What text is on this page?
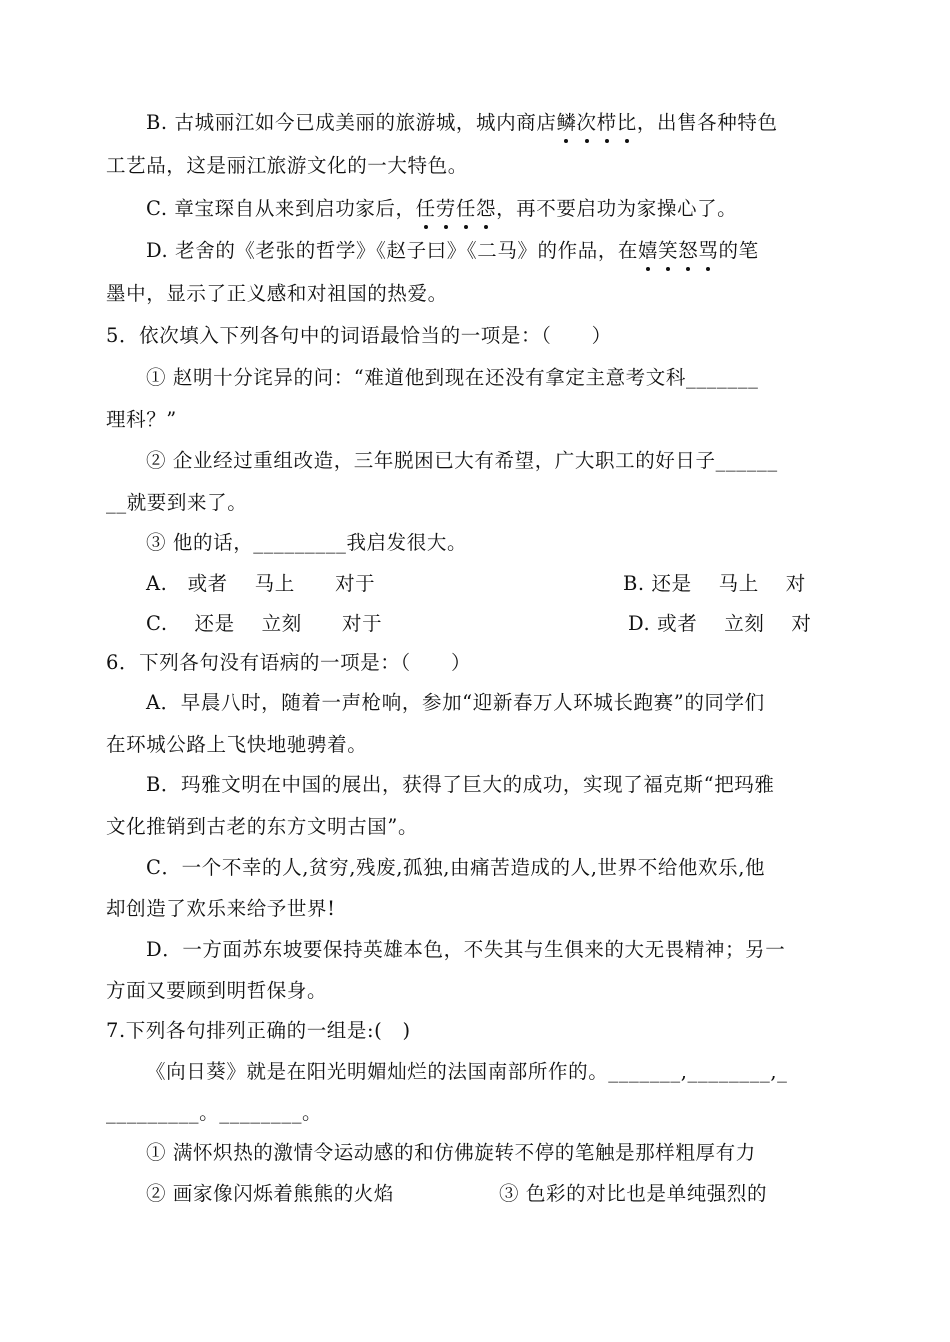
B. 古城丽江如今已成美丽的旅游城，城内商店鳞次栉比，出售各种特色
工艺品，这是丽江旅游文化的一大特色。
C. 章宝琛自从来到启功家后，任劳任怨，再不要启功为家操心了。
D. 老舍的《老张的哲学》《赵子曰》《二马》的作品，在嬉笑怒骂的笔
墨中，显示了正义感和对祖国的热爱。
5．依次填入下列各句中的词语最恰当的一项是：（　　）
① 赵明十分诧异的问：“难道他到现在还没有拿定主意考文科_______
理科？”
② 企业经过重组改造，三年脱困已大有希望，广大职工的好日子______
__就要到来了。
③ 他的话，_________我启发很大。
A.　或者　 马上　　对于	B. 还是　 马上　 对
C.　 还是　 立刻　　对于	D. 或者　 立刻　 对
6．下列各句没有语病的一项是：（　　）
A．早晨八时，随着一声枪响，参加“迎新春万人环城长跑赛”的同学们
在环城公路上飞快地驰骋着。
B．玛雅文明在中国的展出，获得了巨大的成功，实现了福克斯“把玛雅
文化推销到古老的东方文明古国”。
C．一个不幸的人,贫穷,残废,孤独,由痛苦造成的人,世界不给他欢乐,他
却创造了欢乐来给予世界!
D．一方面苏东坡要保持英雄本色，不失其与生俱来的大无畏精神；另一
方面又要顾到明哲保身。
7.下列各句排列正确的一组是:(　)
《向日葵》就是在阳光明媚灿烂的法国南部所作的。_______,________,_
_________。________。
① 满怀炽热的激情令运动感的和仿佛旋转不停的笔触是那样粗厚有力
② 画家像闪烁着熊熊的火焰	③ 色彩的对比也是单纯强烈的
